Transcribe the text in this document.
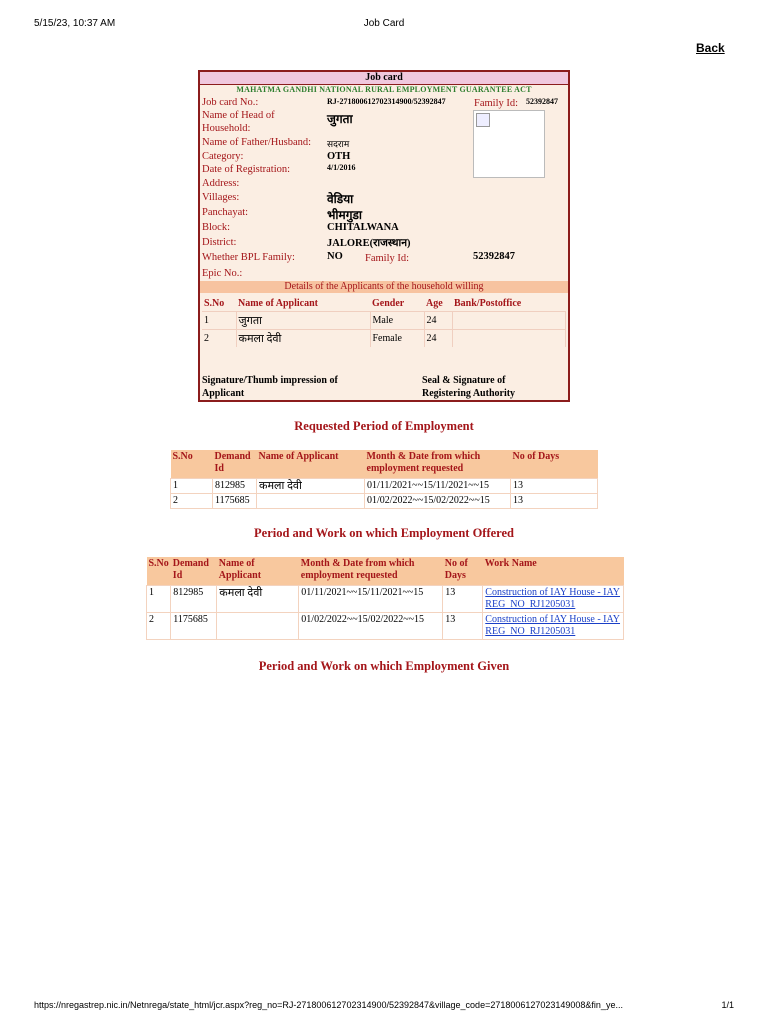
5/15/23, 10:37 AM	Job Card
Back
Job card
MAHATMA GANDHI NATIONAL RURAL EMPLOYMENT GUARANTEE ACT
Job card No.:	RJ-27180061270231490​0/52392847	Family Id: 52392847
Name of Head of
Household:
जुगता
Name of Father/Husband: सदराम
Category:	OTH
Date of Registration:	4/1/2016
Address:
Villages:	वेडिया
Panchayat:	भीमगुडा
Block:	CHITALWANA
District:	JALORE(राजस्थान)
Whether BPL Family:	NO Family Id:	52392847
Epic No.:
Details of the Applicants of the household willing
S.No	Name of Applicant	Gender	Age	Bank/Postoffice
1	जुगता	Male	24	
2	कमला देवी	Female	24	
Signature/Thumb impression of Applicant
Seal & Signature of Registering Authority
Requested Period of Employment
S.No	Demand Id	Name of Applicant	Month & Date from which employment requested	No of Days
1	812985	कमला देवी	01/11/2021~~15/11/2021~~15	13
2	1175685		01/02/2022~~15/02/2022~~15	13
Period and Work on which Employment Offered
S.No	Demand Id	Name of Applicant	Month & Date from which employment requested	No of Days	Work Name
1	812985	कमला देवी	01/11/2021~~15/11/2021~~15	13	Construction of IAY House - IAY REG_NO_RJ1205031
2	1175685		01/02/2022~~15/02/2022~~15	13	Construction of IAY House - IAY REG_NO_RJ1205031
Period and Work on which Employment Given
https://nregastrep.nic.in/Netnrega/state_html/jcr.aspx?reg_no=RJ-27180061270231490​0/52392847&village_code=2718006127023149008&fin_ye...	1/1
